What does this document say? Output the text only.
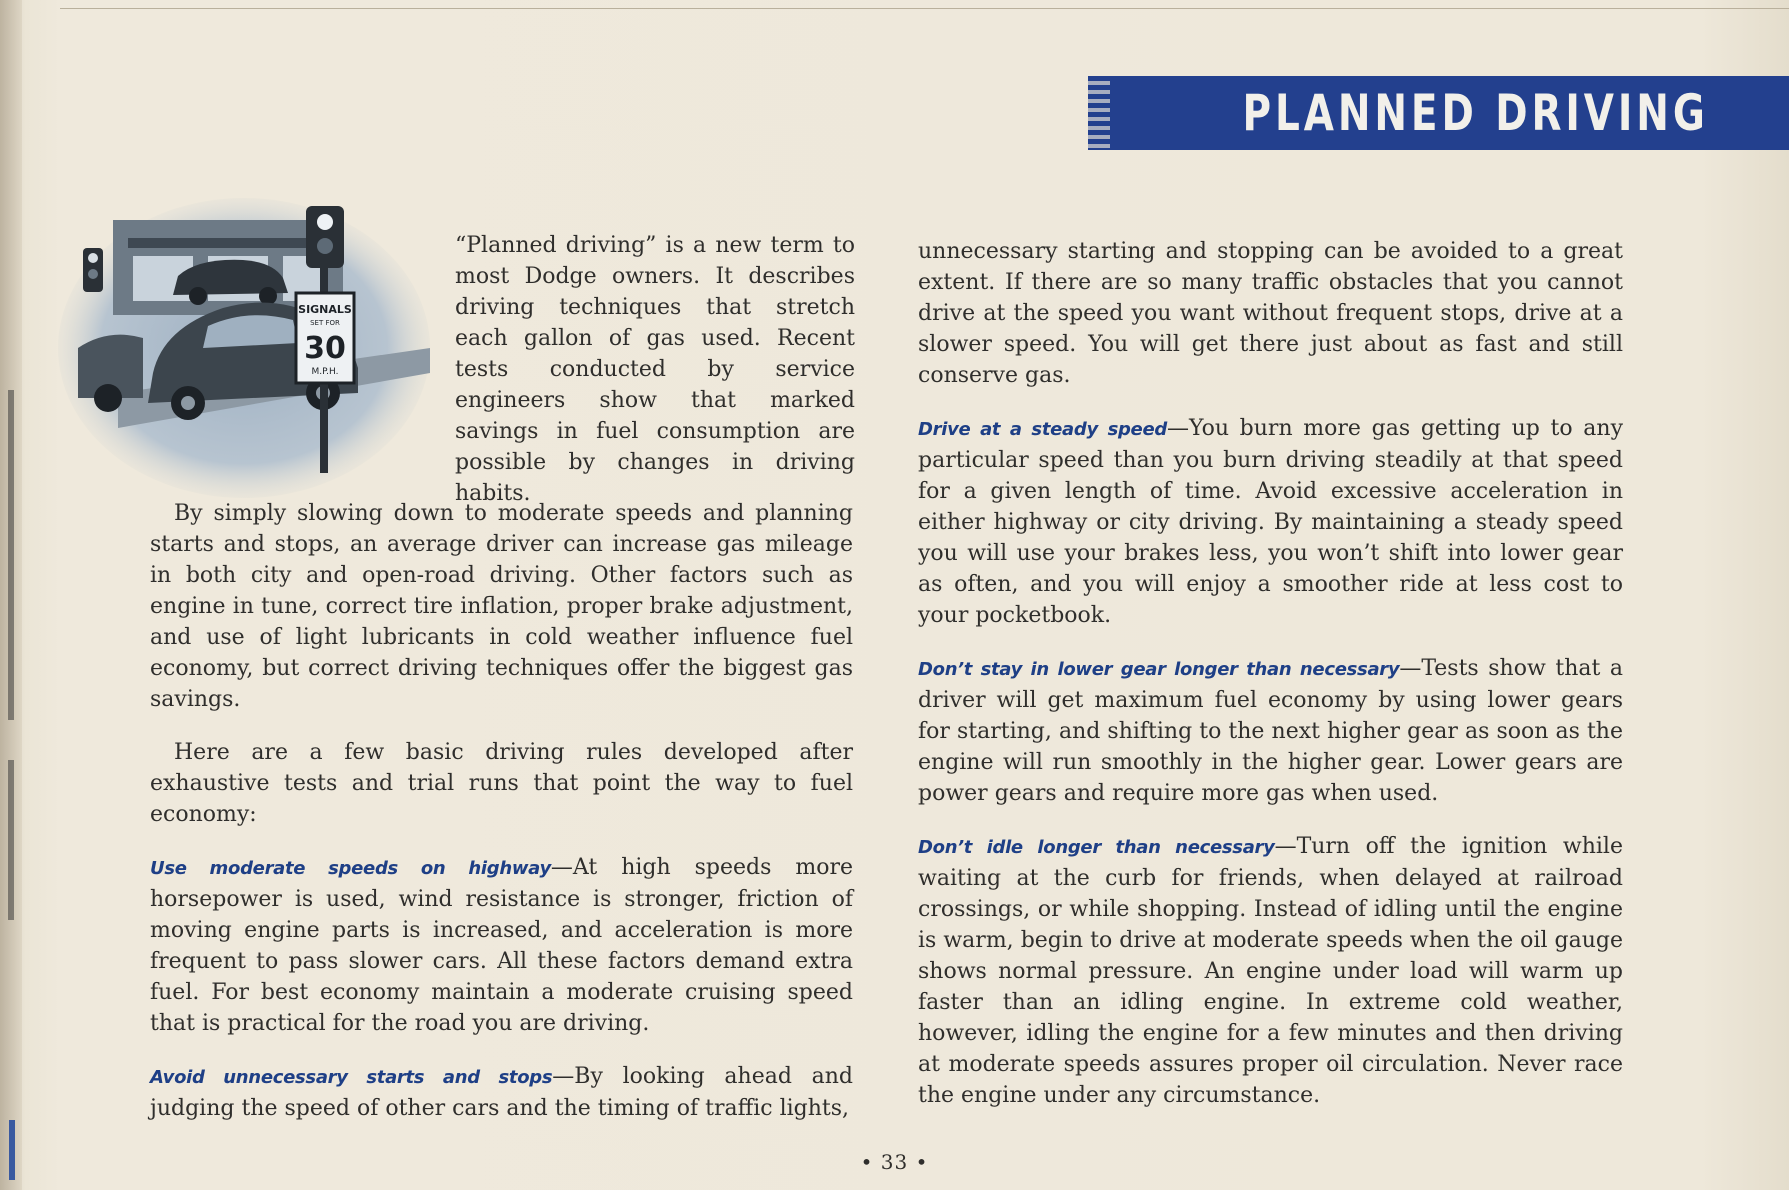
PLANNED DRIVING
SIGNALS
SET FOR
30
M.P.H.

“Planned driving” is a new term to most Dodge owners. It describes driving techniques that stretch each gallon of gas used. Recent tests conducted by service engineers show that marked savings in fuel consumption are possible by changes in driving habits.

By simply slowing down to moderate speeds and planning starts and stops, an average driver can increase gas mileage in both city and open-road driving. Other factors such as engine in tune, correct tire inflation, proper brake adjustment, and use of light lubricants in cold weather influence fuel economy, but correct driving techniques offer the biggest gas savings.

Here are a few basic driving rules developed after exhaustive tests and trial runs that point the way to fuel economy:

Use moderate speeds on highway—At high speeds more horsepower is used, wind resistance is stronger, friction of moving engine parts is increased, and acceleration is more frequent to pass slower cars. All these factors demand extra fuel. For best economy maintain a moderate cruising speed that is practical for the road you are driving.

Avoid unnecessary starts and stops—By looking ahead and judging the speed of other cars and the timing of traffic lights,

unnecessary starting and stopping can be avoided to a great extent. If there are so many traffic obstacles that you cannot drive at the speed you want without frequent stops, drive at a slower speed. You will get there just about as fast and still conserve gas.

Drive at a steady speed—You burn more gas getting up to any particular speed than you burn driving steadily at that speed for a given length of time. Avoid excessive acceleration in either highway or city driving. By maintaining a steady speed you will use your brakes less, you won’t shift into lower gear as often, and you will enjoy a smoother ride at less cost to your pocketbook.

Don’t stay in lower gear longer than necessary—Tests show that a driver will get maximum fuel economy by using lower gears for starting, and shifting to the next higher gear as soon as the engine will run smoothly in the higher gear. Lower gears are power gears and require more gas when used.

Don’t idle longer than necessary—Turn off the ignition while waiting at the curb for friends, when delayed at railroad crossings, or while shopping. Instead of idling until the engine is warm, begin to drive at moderate speeds when the oil gauge shows normal pressure. An engine under load will warm up faster than an idling engine. In extreme cold weather, however, idling the engine for a few minutes and then driving at moderate speeds assures proper oil circulation. Never race the engine under any circumstance.

• 33 •
